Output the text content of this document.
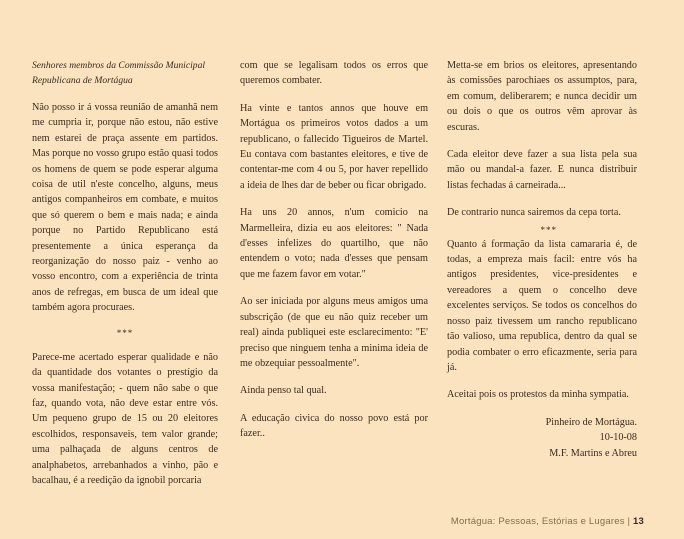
Senhores membros da Commissão Municipal
Republicana de Mortágua

Não posso ir á vossa reunião de amanhã nem me cumpria ir, porque não estou, não estive nem estarei de praça assente em partidos. Mas porque no vosso grupo estão quasi todos os homens de quem se pode esperar alguma coisa de util n'este concelho, alguns, meus antigos companheiros em combate, e muitos que só querem o bem e mais nada; e ainda porque no Partido Republicano está presentemente a única esperança da reorganização do nosso paiz - venho ao vosso encontro, com a experiência de trinta anos de refregas, em busca de um ideal que também agora procuraes.

***

Parece-me acertado esperar qualidade e não da quantidade dos votantes o prestígio da vossa manifestação; - quem não sabe o que faz, quando vota, não deve estar entre vós. Um pequeno grupo de 15 ou 20 eleitores escolhidos, responsaveis, tem valor grande; uma palhaçada de alguns centros de analphabetos, arrebanhados a vinho, pão e bacalhau, é a reedição da ignobil porcaria

com que se legalisam todos os erros que queremos combater.

Ha vinte e tantos annos que houve em Mortágua os primeiros votos dados a um republicano, o fallecido Tigueiros de Martel. Eu contava com bastantes eleitores, e tive de contentar-me com 4 ou 5, por haver repellido a ideia de lhes dar de beber ou ficar obrigado.

Ha uns 20 annos, n'um comicio na Marmelleira, dizia eu aos eleitores: " Nada d'esses infelizes do quartilho, que não entendem o voto; nada d'esses que pensam que me fazem favor em votar."

Ao ser iniciada por alguns meus amigos uma subscrição (de que eu não quiz receber um real) ainda publiquei este esclarecimento: "E' preciso que ninguem tenha a minima ideia de me obzequiar pessoalmente".

Ainda penso tal qual.

A educação civica do nosso povo está por fazer..

Metta-se em brios os eleitores, apresentando às comissões parochiaes os assumptos, para, em comum, deliberarem; e nunca decidir um ou dois o que os outros vêm aprovar às escuras.

Cada eleitor deve fazer a sua lista pela sua mão ou mandal-a fazer. E nunca distribuir listas fechadas á carneirada...

De contrario nunca sairemos da cepa torta.

***

Quanto á formação da lista camararia é, de todas, a empreza mais facil: entre vós ha antigos presidentes, vice-presidentes e vereadores a quem o concelho deve excelentes serviços. Se todos os concelhos do nosso paiz tivessem um rancho republicano tão valioso, uma republica, dentro da qual se podia combater o erro eficazmente, seria para já.

Aceitai pois os protestos da minha sympatia.

Pinheiro de Mortágua.
10-10-08
M.F. Martins e Abreu
Mortágua: Pessoas, Estórias e Lugares | 13
